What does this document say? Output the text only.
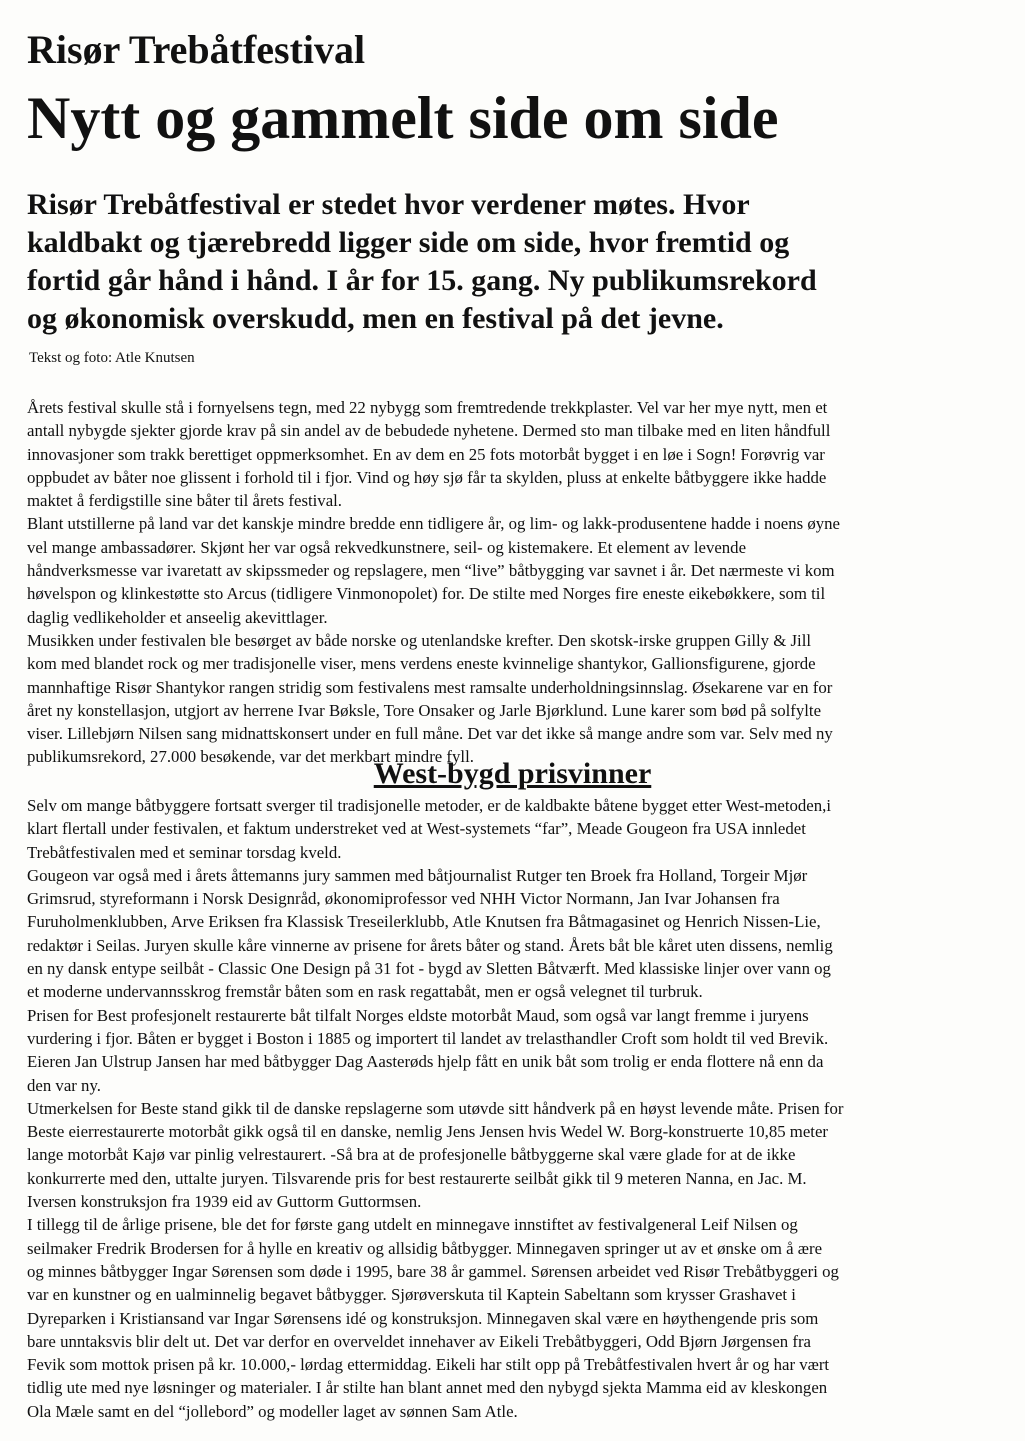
Risør Trebåtfestival
Nytt og gammelt side om side
Risør Trebåtfestival er stedet hvor verdener møtes. Hvor
kaldbakt og tjærebredd ligger side om side, hvor fremtid og
fortid går hånd i hånd. I år for 15. gang. Ny publikumsrekord
og økonomisk overskudd, men en festival på det jevne.
Tekst og foto: Atle Knutsen
Årets festival skulle stå i fornyelsens tegn, med 22 nybygg som fremtredende trekkplaster. Vel var her mye nytt, men et
antall nybygde sjekter gjorde krav på sin andel av de bebudede nyhetene. Dermed sto man tilbake med en liten håndfull
innovasjoner som trakk berettiget oppmerksomhet. En av dem en 25 fots motorbåt bygget i en løe i Sogn! Forøvrig var
oppbudet av båter noe glissent i forhold til i fjor. Vind og høy sjø får ta skylden, pluss at enkelte båtbyggere ikke hadde
maktet å ferdigstille sine båter til årets festival.
Blant utstillerne på land var det kanskje mindre bredde enn tidligere år, og lim- og lakk-produsentene hadde i noens øyne
vel mange ambassadører. Skjønt her var også rekvedkunstnere, seil- og kistemakere. Et element av levende
håndverksmesse var ivaretatt av skipssmeder og repslagere, men “live” båtbygging var savnet i år. Det nærmeste vi kom
høvelspon og klinkestøtte sto Arcus (tidligere Vinmonopolet) for. De stilte med Norges fire eneste eikebøkkere, som til
daglig vedlikeholder et anseelig akevittlager.
Musikken under festivalen ble besørget av både norske og utenlandske krefter. Den skotsk-irske gruppen Gilly & Jill
kom med blandet rock og mer tradisjonelle viser, mens verdens eneste kvinnelige shantykor, Gallionsfigurene, gjorde
mannhaftige Risør Shantykor rangen stridig som festivalens mest ramsalte underholdningsinnslag. Øsekarene var en for
året ny konstellasjon, utgjort av herrene Ivar Bøksle, Tore Onsaker og Jarle Bjørklund. Lune karer som bød på solfylte
viser. Lillebjørn Nilsen sang midnattskonsert under en full måne. Det var det ikke så mange andre som var. Selv med ny
publikumsrekord, 27.000 besøkende, var det merkbart mindre fyll.
West-bygd prisvinner
Selv om mange båtbyggere fortsatt sverger til tradisjonelle metoder, er de kaldbakte båtene bygget etter West-metoden,i
klart flertall under festivalen, et faktum understreket ved at West-systemets “far”, Meade Gougeon fra USA innledet
Trebåtfestivalen med et seminar torsdag kveld.
Gougeon var også med i årets åttemanns jury sammen med båtjournalist Rutger ten Broek fra Holland, Torgeir Mjør
Grimsrud, styreformann i Norsk Designråd, økonomiprofessor ved NHH Victor Normann, Jan Ivar Johansen fra
Furuholmenklubben, Arve Eriksen fra Klassisk Treseilerklubb, Atle Knutsen fra Båtmagasinet og Henrich Nissen-Lie,
redaktør i Seilas. Juryen skulle kåre vinnerne av prisene for årets båter og stand. Årets båt ble kåret uten dissens, nemlig
en ny dansk entype seilbåt - Classic One Design på 31 fot - bygd av Sletten Båtværft. Med klassiske linjer over vann og
et moderne undervannsskrog fremstår båten som en rask regattabåt, men er også velegnet til turbruk.
Prisen for Best profesjonelt restaurerte båt tilfalt Norges eldste motorbåt Maud, som også var langt fremme i juryens
vurdering i fjor. Båten er bygget i Boston i 1885 og importert til landet av trelasthandler Croft som holdt til ved Brevik.
Eieren Jan Ulstrup Jansen har med båtbygger Dag Aasterøds hjelp fått en unik båt som trolig er enda flottere nå enn da
den var ny.
Utmerkelsen for Beste stand gikk til de danske repslagerne som utøvde sitt håndverk på en høyst levende måte. Prisen for
Beste eierrestaurerte motorbåt gikk også til en danske, nemlig Jens Jensen hvis Wedel W. Borg-konstruerte 10,85 meter
lange motorbåt Kajø var pinlig velrestaurert. -Så bra at de profesjonelle båtbyggerne skal være glade for at de ikke
konkurrerte med den, uttalte juryen. Tilsvarende pris for best restaurerte seilbåt gikk til 9 meteren Nanna, en Jac. M.
Iversen konstruksjon fra 1939 eid av Guttorm Guttormsen.
I tillegg til de årlige prisene, ble det for første gang utdelt en minnegave innstiftet av festivalgeneral Leif Nilsen og
seilmaker Fredrik Brodersen for å hylle en kreativ og allsidig båtbygger. Minnegaven springer ut av et ønske om å ære
og minnes båtbygger Ingar Sørensen som døde i 1995, bare 38 år gammel. Sørensen arbeidet ved Risør Trebåtbyggeri og
var en kunstner og en ualminnelig begavet båtbygger. Sjørøverskuta til Kaptein Sabeltann som krysser Grashavet i
Dyreparken i Kristiansand var Ingar Sørensens idé og konstruksjon. Minnegaven skal være en høythengende pris som
bare unntaksvis blir delt ut. Det var derfor en overveldet innehaver av Eikeli Trebåtbyggeri, Odd Bjørn Jørgensen fra
Fevik som mottok prisen på kr. 10.000,- lørdag ettermiddag. Eikeli har stilt opp på Trebåtfestivalen hvert år og har vært
tidlig ute med nye løsninger og materialer. I år stilte han blant annet med den nybygd sjekta Mamma eid av kleskongen
Ola Mæle samt en del “jollebord” og modeller laget av sønnen Sam Atle.
